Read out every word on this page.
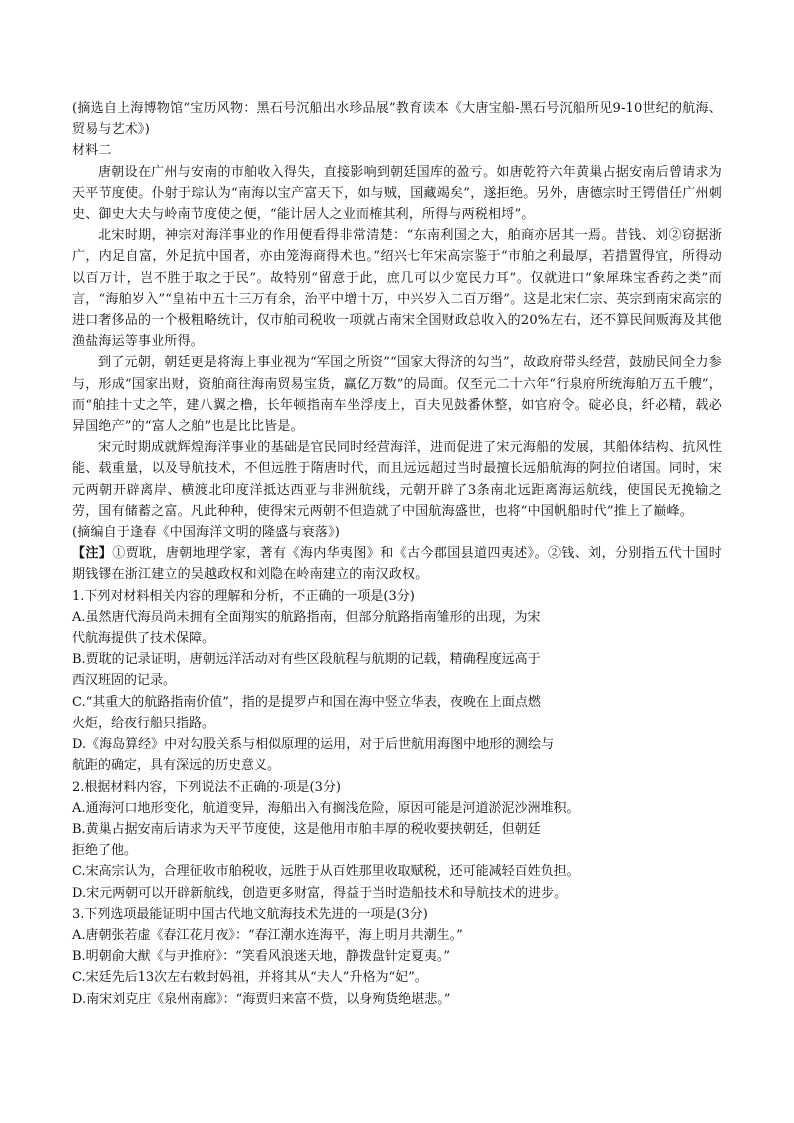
(摘选自上海博物馆“宝历风物：黑石号沉船出水珍品展”教育读本《大唐宝船-黑石号沉船所见9-10世纪的航海、贸易与艺术》)
材料二
唐朝设在广州与安南的市舶收入得失，直接影响到朝廷国库的盈亏。如唐乾符六年黄巢占据安南后曾请求为天平节度使。仆射于琮认为“南海以宝产富天下，如与贼，国藏竭矣”，遂拒绝。另外，唐德宗时王锷借任广州刺史、御史大夫与岭南节度使之便，“能计居人之业而榷其利，所得与两税相埒”。
北宋时期，神宗对海洋事业的作用便看得非常清楚：“东南利国之大，舶商亦居其一焉。昔钱、刘②窃据浙广，内足自富，外足抗中国者，亦由笼海商得术也。”绍兴七年宋高宗鉴于“市舶之利最厚，若措置得宜，所得动以百万计，岂不胜于取之于民”。故特别“留意于此，庶几可以少宽民力耳”。仅就进口“象犀珠宝香药之类”而言，“海舶岁入”“皇祐中五十三万有余，治平中增十万，中兴岁入二百万缗”。这是北宋仁宗、英宗到南宋高宗的进口奢侈品的一个极粗略统计，仅市舶司税收一项就占南宋全国财政总收入的20%左右，还不算民间贩海及其他渔盐海运等事业所得。
到了元朝，朝廷更是将海上事业视为“军国之所资”“国家大得济的勾当”，故政府带头经营，鼓励民间全力参与，形成“国家出财，资舶商往海南贸易宝货，赢亿万数”的局面。仅至元二十六年“行泉府所统海舶万五千艘”，而“舶挂十丈之竿，建八翼之橹，长年顿指南车坐浮庋上，百夫见鼓番休整，如官府令。碇必良，纤必精，载必异国绝产”的“富人之舶”也是比比皆是。
宋元时期成就辉煌海洋事业的基础是官民同时经营海洋，进而促进了宋元海船的发展，其船体结构、抗风性能、载重量，以及导航技术，不但远胜于隋唐时代，而且远远超过当时最擅长远船航海的阿拉伯诸国。同时，宋元两朝开辟离岸、横渡北印度洋抵达西亚与非洲航线，元朝开辟了3条南北远距离海运航线，使国民无挽输之劳，国有储蓄之富。凡此种种，使得宋元两朝不但造就了中国航海盛世，也将“中国帆船时代”推上了巅峰。
(摘编自于逢春《中国海洋文明的隆盛与衰落》)
【注】①贾耽，唐朝地理学家，著有《海内华夷图》和《古今郡国县道四夷述》。②钱、刘，分别指五代十国时期钱镠在浙江建立的吴越政权和刘隐在岭南建立的南汉政权。
1.下列对材料相关内容的理解和分析，不正确的一项是(3分)
A.虽然唐代海员尚未拥有全面翔实的航路指南，但部分航路指南雏形的出现，为宋
代航海提供了技术保障。
B.贾耽的记录证明，唐朝远洋活动对有些区段航程与航期的记载，精确程度远高于
西汉班固的记录。
C.“其重大的航路指南价值”，指的是提罗卢和国在海中竖立华表，夜晚在上面点燃
火炬，给夜行船只指路。
D.《海岛算经》中对勾股关系与相似原理的运用，对于后世航用海图中地形的测绘与
航距的确定，具有深远的历史意义。
2.根据材料内容，下列说法不正确的·项是(3分)
A.通海河口地形变化，航道变异，海船出入有搁浅危险，原因可能是河道淤泥沙洲堆积。
B.黄巢占据安南后请求为天平节度使，这是他用市舶丰厚的税收要挟朝廷，但朝廷
拒绝了他。
C.宋高宗认为，合理征收市舶税收，远胜于从百姓那里收取赋税，还可能减轻百姓负担。
D.宋元两朝可以开辟新航线，创造更多财富，得益于当时造船技术和导航技术的进步。
3.下列选项最能证明中国古代地文航海技术先进的一项是(3分)
A.唐朝张若虚《春江花月夜》：“春江潮水连海平，海上明月共潮生。”
B.明朝俞大猷《与尹推府》：“笑看风浪迷天地，静拨盘针定夏夷。”
C.宋廷先后13次左右敕封妈祖，并将其从“夫人”升格为“妃”。
D.南宋刘克庄《泉州南廊》：“海贾归来富不赀，以身殉货绝堪悲。”
